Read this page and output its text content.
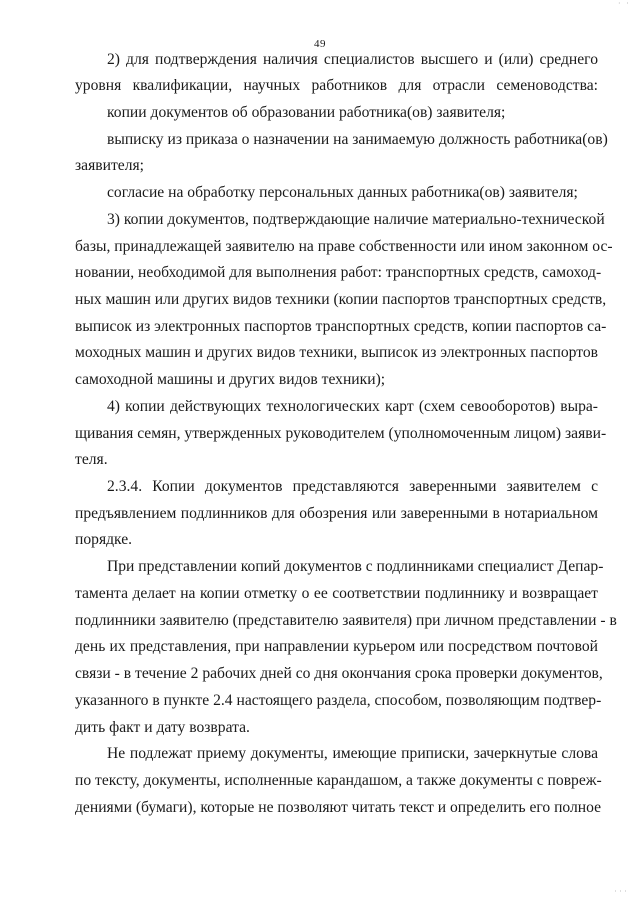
49
2) для подтверждения наличия специалистов высшего и (или) среднего
уровня квалификации, научных работников для отрасли семеноводства:
копии документов об образовании работника(ов) заявителя;
выписку из приказа о назначении на занимаемую должность работника(ов)
заявителя;
согласие на обработку персональных данных работника(ов) заявителя;
3) копии документов, подтверждающие наличие материально-технической
базы, принадлежащей заявителю на праве собственности или ином законном ос-
новании, необходимой для выполнения работ: транспортных средств, самоход-
ных машин или других видов техники (копии паспортов транспортных средств,
выписок из электронных паспортов транспортных средств, копии паспортов са-
моходных машин и других видов техники, выписок из электронных паспортов
самоходной машины и других видов техники);
4) копии действующих технологических карт (схем севооборотов) выра-
щивания семян, утвержденных руководителем (уполномоченным лицом) заяви-
теля.
2.3.4. Копии документов представляются заверенными заявителем с
предъявлением подлинников для обозрения или заверенными в нотариальном
порядке.
При представлении копий документов с подлинниками специалист Депар-
тамента делает на копии отметку о ее соответствии подлиннику и возвращает
подлинники заявителю (представителю заявителя) при личном представлении - в
день их представления, при направлении курьером или посредством почтовой
связи - в течение 2 рабочих дней со дня окончания срока проверки документов,
указанного в пункте 2.4 настоящего раздела, способом, позволяющим подтвер-
дить факт и дату возврата.
Не подлежат приему документы, имеющие приписки, зачеркнутые слова
по тексту, документы, исполненные карандашом, а также документы с повреж-
дениями (бумаги), которые не позволяют читать текст и определить его полное
˙ ˙
˙˙˙
